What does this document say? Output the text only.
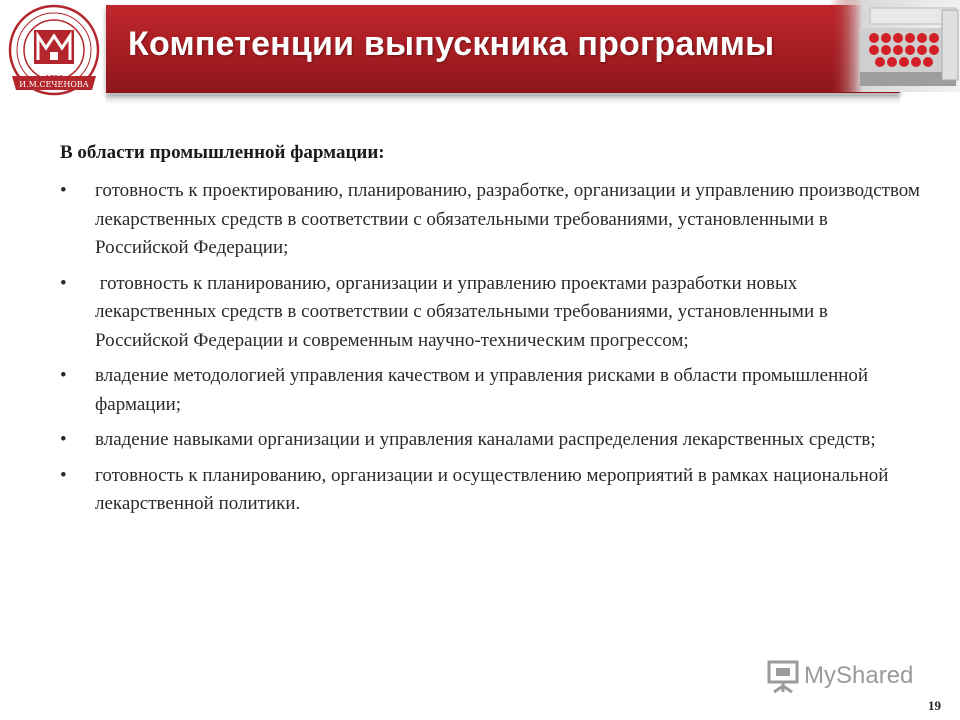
И.М.СЕЧЕНОВА
Компетенции выпускника программы
В области промышленной фармации:
• готовность к проектированию, планированию, разработке, организации и управлению производством лекарственных средств в соответствии с обязательными требованиями, установленными в Российской Федерации;
• готовность к планированию, организации и управлению проектами разработки новых лекарственных средств в соответствии с обязательными требованиями, установленными в Российской Федерации и современным научно-техническим прогрессом;
• владение методологией управления качеством и управления рисками в области промышленной фармации;
• владение навыками организации и управления каналами распределения лекарственных средств;
• готовность к планированию, организации и осуществлению мероприятий в рамках национальной лекарственной политики.
MyShared
19
